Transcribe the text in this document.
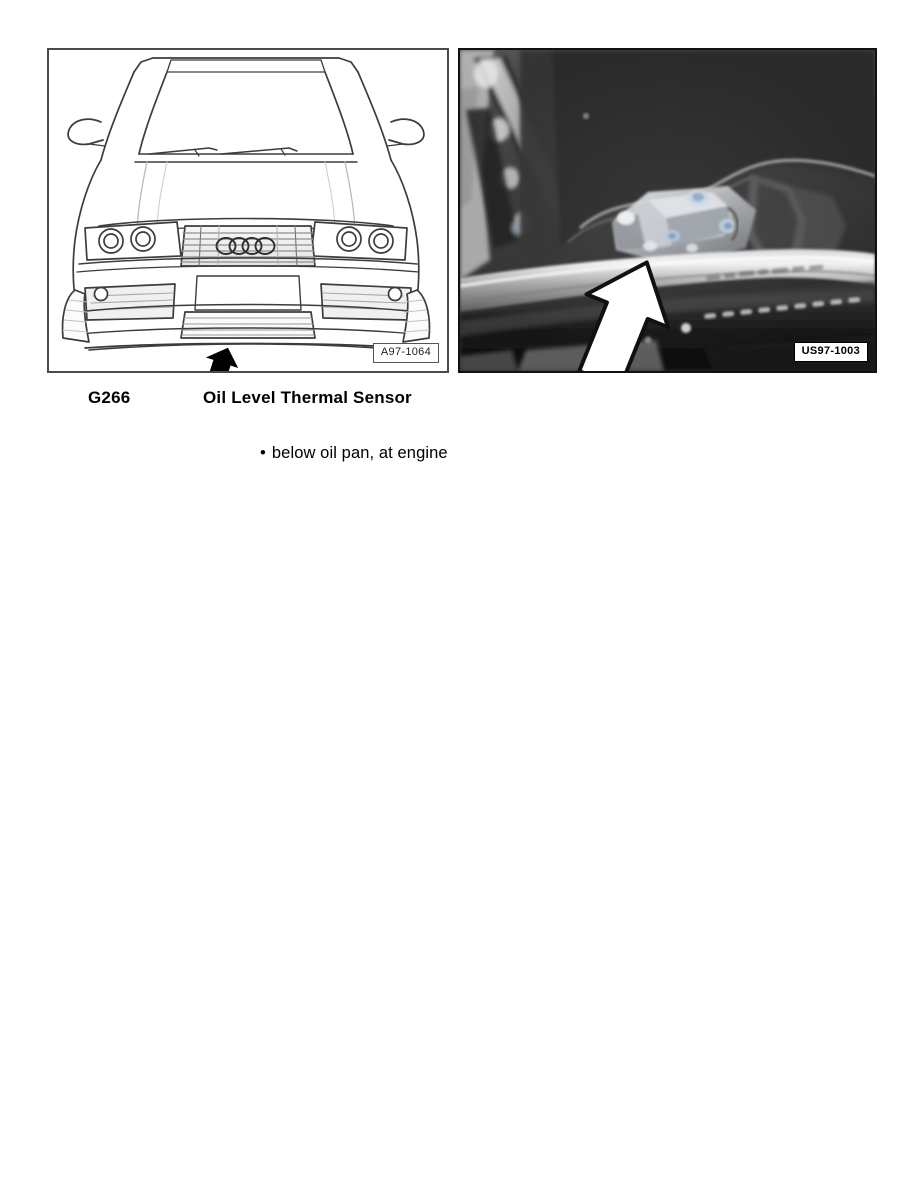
A97-1064	US97-1003
G266	Oil Level Thermal Sensor
• below oil pan, at engine
